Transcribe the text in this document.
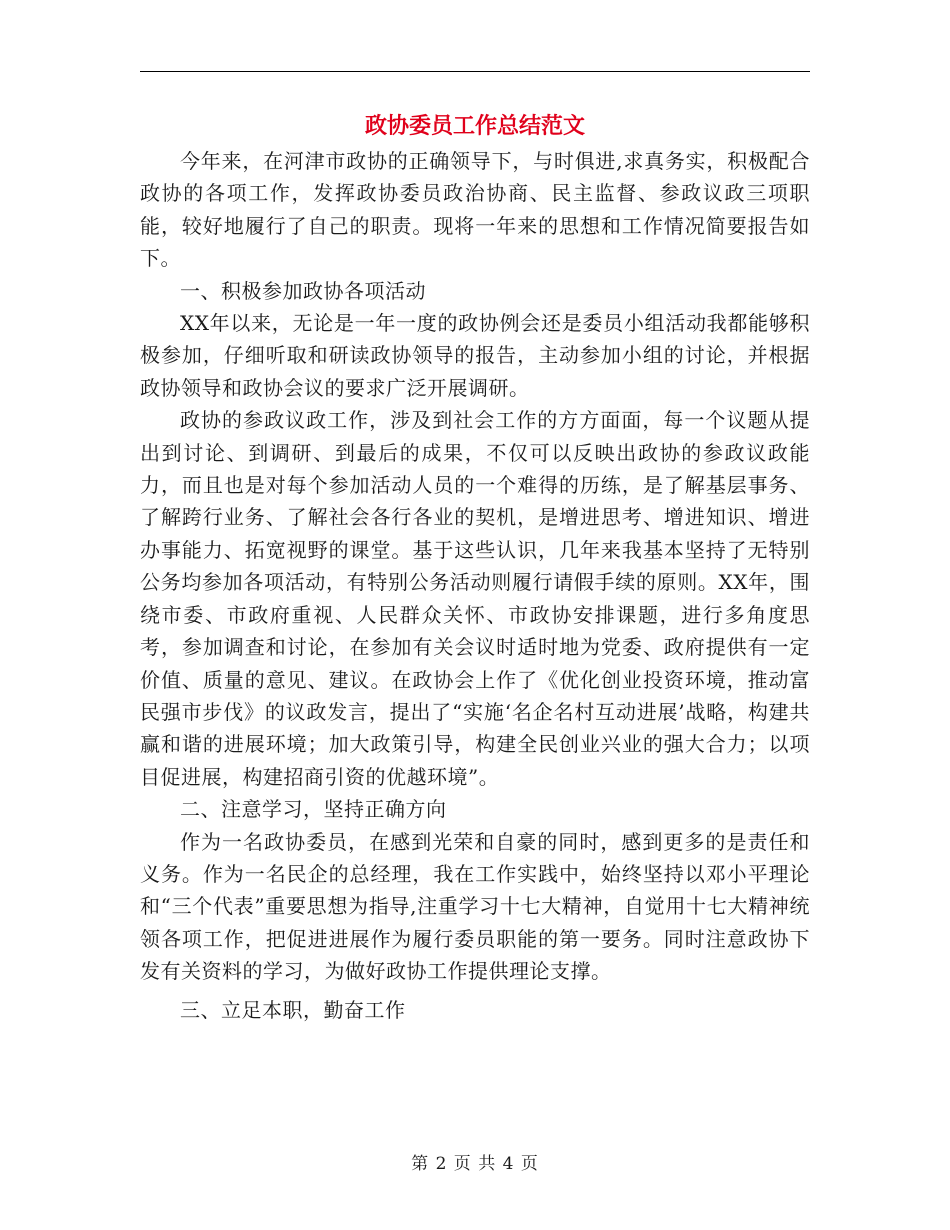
政协委员工作总结范文

今年来，在河津市政协的正确领导下，与时俱进,求真务实，积极配合政协的各项工作，发挥政协委员政治协商、民主监督、参政议政三项职能，较好地履行了自己的职责。现将一年来的思想和工作情况简要报告如下。

一、积极参加政协各项活动

XX年以来，无论是一年一度的政协例会还是委员小组活动我都能够积极参加，仔细听取和研读政协领导的报告，主动参加小组的讨论，并根据政协领导和政协会议的要求广泛开展调研。

政协的参政议政工作，涉及到社会工作的方方面面，每一个议题从提出到讨论、到调研、到最后的成果，不仅可以反映出政协的参政议政能力，而且也是对每个参加活动人员的一个难得的历练，是了解基层事务、了解跨行业务、了解社会各行各业的契机，是增进思考、增进知识、增进办事能力、拓宽视野的课堂。基于这些认识，几年来我基本坚持了无特别公务均参加各项活动，有特别公务活动则履行请假手续的原则。XX年，围绕市委、市政府重视、人民群众关怀、市政协安排课题，进行多角度思考，参加调查和讨论，在参加有关会议时适时地为党委、政府提供有一定价值、质量的意见、建议。在政协会上作了《优化创业投资环境，推动富民强市步伐》的议政发言，提出了“实施‘名企名村互动进展’战略，构建共赢和谐的进展环境；加大政策引导，构建全民创业兴业的强大合力；以项目促进展，构建招商引资的优越环境”。

二、注意学习，坚持正确方向

作为一名政协委员，在感到光荣和自豪的同时，感到更多的是责任和义务。作为一名民企的总经理，我在工作实践中，始终坚持以邓小平理论和“三个代表”重要思想为指导,注重学习十七大精神，自觉用十七大精神统领各项工作，把促进进展作为履行委员职能的第一要务。同时注意政协下发有关资料的学习，为做好政协工作提供理论支撑。

三、立足本职，勤奋工作

第 2 页 共 4 页
